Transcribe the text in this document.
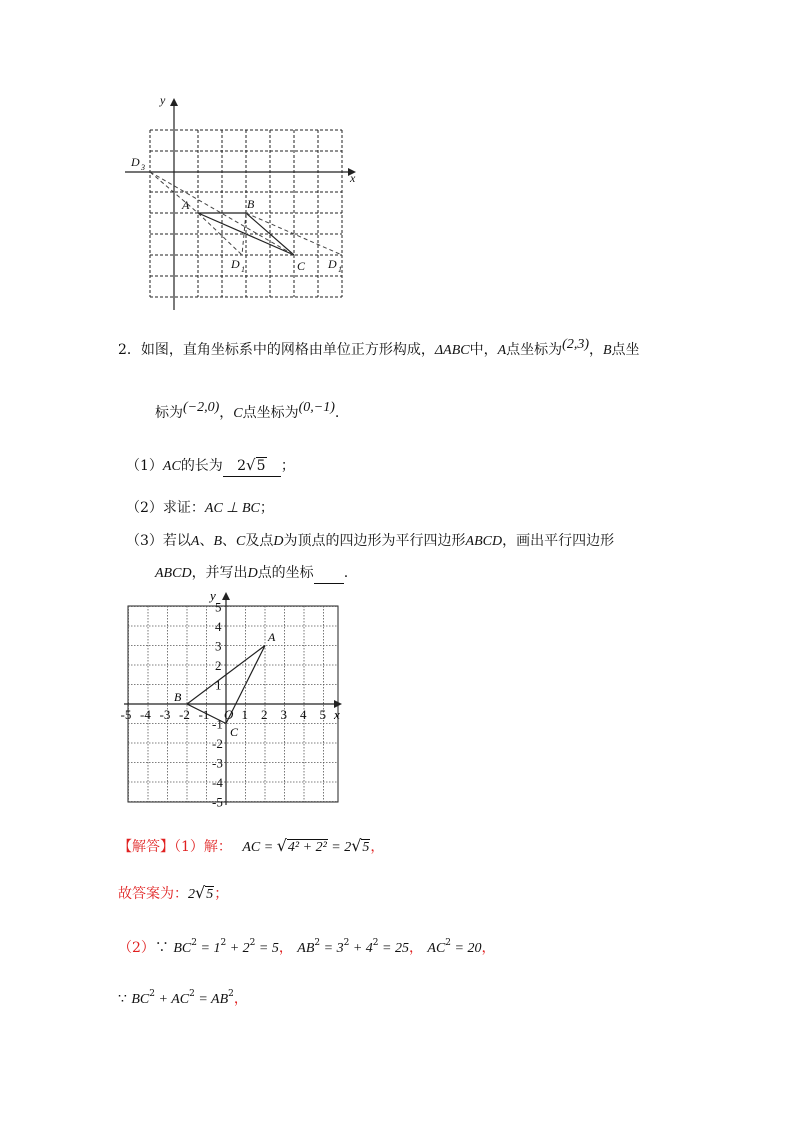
y
x
D 3
A	B
C
D 1	D 1
2．如图，直角坐标系中的网格由单位正方形构成，ΔABC中，A点坐标为(2,3)，B点坐
标为(−2,0)，C点坐标为(0,−1).
（1）AC的长为 2√5 ；
（2）求证：AC ⊥ BC；
（3）若以A、B、C及点D为顶点的四边形为平行四边形ABCD，画出平行四边形
ABCD，并写出D点的坐标 .
-5 -4 -3 -2 -1 O 1 2 3 4 5
5
4
3
2
1
-1
-2
-3
-4
-5
x
y
A
B
C
【解答】（1）解： AC = √4² + 2² = 2√5，
故答案为：2√5；
（2）∵ $BC^2 = 1^2 + 2^2 = 5$， $AB^2 = 3^2 + 4^2 = 25$， $AC^2 = 20$，
∵ $BC^2 + AC^2 = AB^2$，
